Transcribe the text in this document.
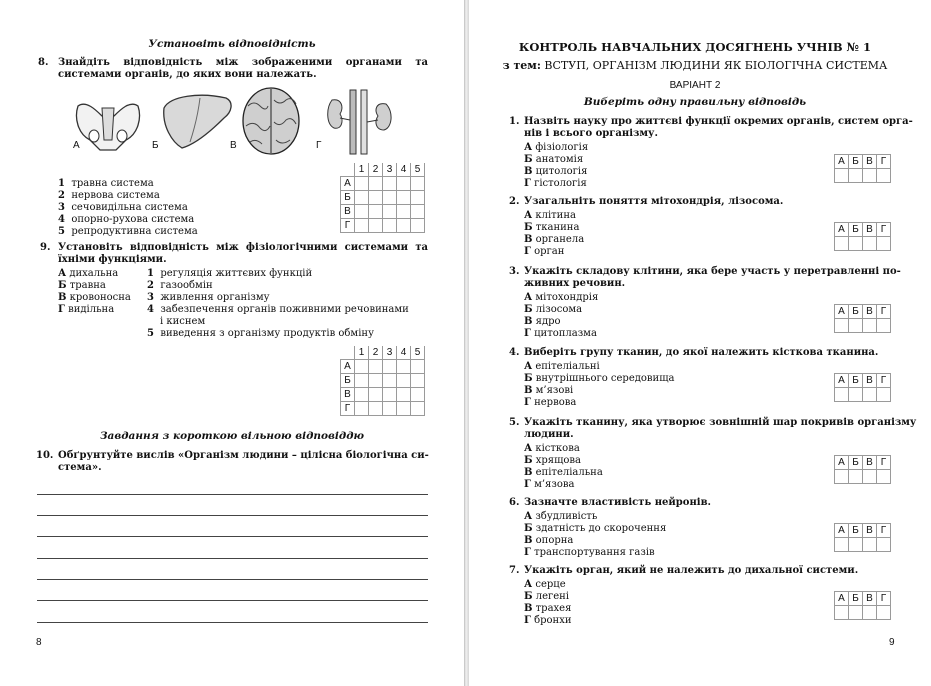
Установіть відповідність
8. Знайдіть відповідність між зображеними органами та системами органів, до яких вони належать.
А	Б	В	Г
1 травна система
2 нервова система
3 сечовидільна система
4 опорно-рухова система
5 репродуктивна система
	1	2	3	4	5
А					
Б					
В					
Г					
9. Установіть відповідність між фізіологічними системами та їхніми функціями.
А дихальна
Б травна
В кровоносна
Г видільна
1 регуляція життєвих функцій
2 газообмін
3 живлення організму
4 забезпечення органів поживними речовинами
і киснем
5 виведення з організму продуктів обміну
	1	2	3	4	5
А					
Б					
В					
Г					
Завдання з короткою вільною відповіддю
10. Обґрунтуйте вислів «Організм людини – цілісна біологічна си-
стема».
8
КОНТРОЛЬ НАВЧАЛЬНИХ ДОСЯГНЕНЬ УЧНІВ № 1
з тем: ВСТУП, ОРГАНІЗМ ЛЮДИНИ ЯК БІОЛОГІЧНА СИСТЕМА
ВАРІАНТ 2
Виберіть одну правильну відповідь
1. Назвіть науку про життєві функції окремих органів, систем орга-
нів і всього організму.
А фізіологія
Б анатомія
В цитологія
Г гістологія
А	Б	В	Г

2. Узагальніть поняття мітохондрія, лізосома.
А клітина
Б тканина
В органела
Г орган
А	Б	В	Г

3. Укажіть складову клітини, яка бере участь у перетравленні по-
живних речовин.
А мітохондрія
Б лізосома
В ядро
Г цитоплазма
А	Б	В	Г

4. Виберіть групу тканин, до якої належить кісткова тканина.
А епітеліальні
Б внутрішнього середовища
В м’язові
Г нервова
А	Б	В	Г

5. Укажіть тканину, яка утворює зовнішній шар покривів організму
людини.
А кісткова
Б хрящова
В епітеліальна
Г м’язова
А	Б	В	Г

6. Зазначте властивість нейронів.
А збудливість
Б здатність до скорочення
В опорна
Г транспортування газів
А	Б	В	Г

7. Укажіть орган, який не належить до дихальної системи.
А серце
Б легені
В трахея
Г бронхи
А	Б	В	Г

9
